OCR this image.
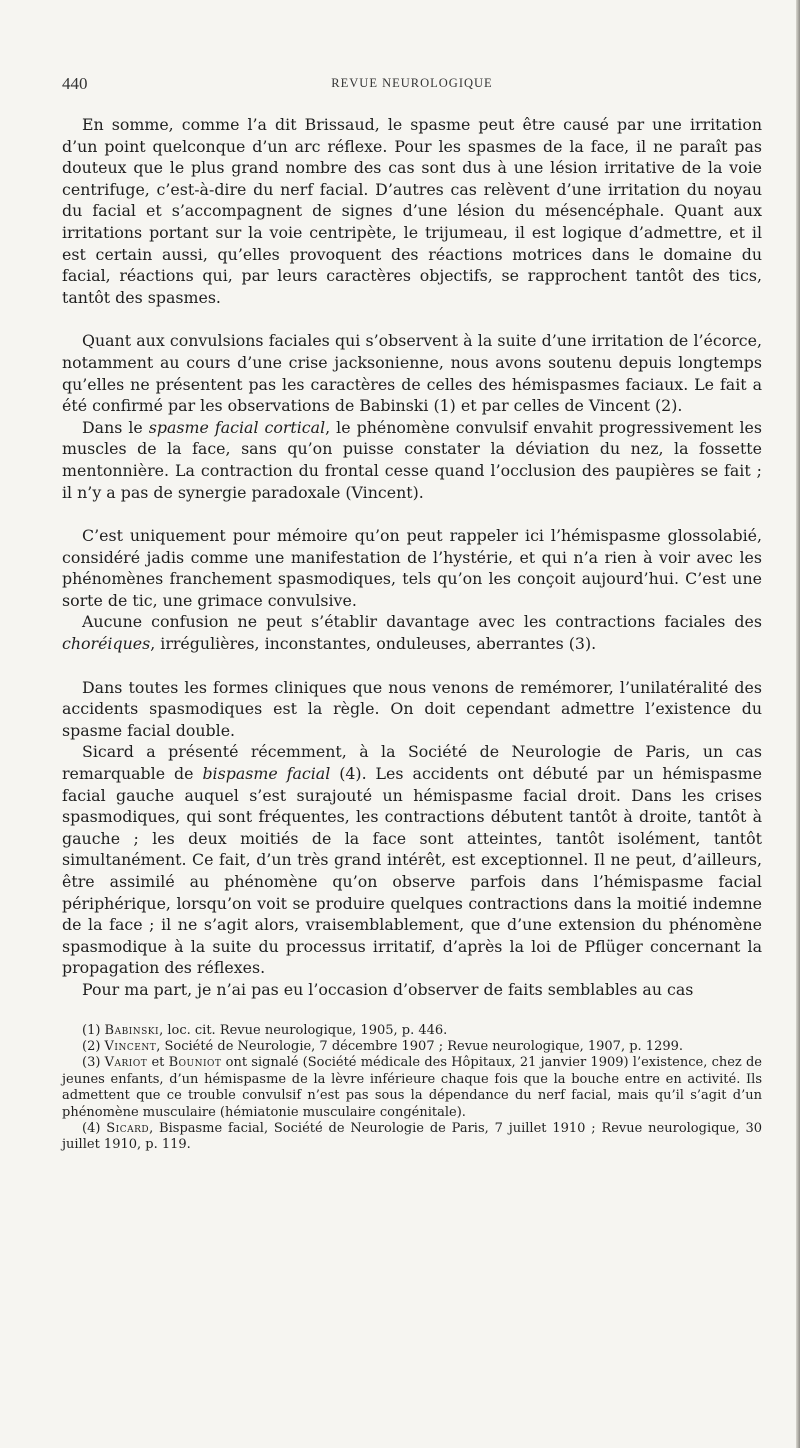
440	REVUE NEUROLOGIQUE

En somme, comme l’a dit Brissaud, le spasme peut être causé par une irritation d’un point quelconque d’un arc réflexe. Pour les spasmes de la face, il ne paraît pas douteux que le plus grand nombre des cas sont dus à une lésion irritative de la voie centrifuge, c’est-à-dire du nerf facial. D’autres cas relèvent d’une irritation du noyau du facial et s’accompagnent de signes d’une lésion du mésencéphale. Quant aux irritations portant sur la voie centripète, le trijumeau, il est logique d’admettre, et il est certain aussi, qu’elles provoquent des réactions motrices dans le domaine du facial, réactions qui, par leurs caractères objectifs, se rapprochent tantôt des tics, tantôt des spasmes.

Quant aux convulsions faciales qui s’observent à la suite d’une irritation de l’écorce, notamment au cours d’une crise jacksonienne, nous avons soutenu depuis longtemps qu’elles ne présentent pas les caractères de celles des hémispasmes faciaux. Le fait a été confirmé par les observations de Babinski (1) et par celles de Vincent (2).

Dans le spasme facial cortical, le phénomène convulsif envahit progressivement les muscles de la face, sans qu’on puisse constater la déviation du nez, la fossette mentonnière. La contraction du frontal cesse quand l’occlusion des paupières se fait ; il n’y a pas de synergie paradoxale (Vincent).

C’est uniquement pour mémoire qu’on peut rappeler ici l’hémispasme glossolabié, considéré jadis comme une manifestation de l’hystérie, et qui n’a rien à voir avec les phénomènes franchement spasmodiques, tels qu’on les conçoit aujourd’hui. C’est une sorte de tic, une grimace convulsive.

Aucune confusion ne peut s’établir davantage avec les contractions faciales des choréiques, irrégulières, inconstantes, onduleuses, aberrantes (3).

Dans toutes les formes cliniques que nous venons de remémorer, l’unilatéralité des accidents spasmodiques est la règle. On doit cependant admettre l’existence du spasme facial double.

Sicard a présenté récemment, à la Société de Neurologie de Paris, un cas remarquable de bispasme facial (4). Les accidents ont débuté par un hémispasme facial gauche auquel s’est surajouté un hémispasme facial droit. Dans les crises spasmodiques, qui sont fréquentes, les contractions débutent tantôt à droite, tantôt à gauche ; les deux moitiés de la face sont atteintes, tantôt isolément, tantôt simultanément. Ce fait, d’un très grand intérêt, est exceptionnel. Il ne peut, d’ailleurs, être assimilé au phénomène qu’on observe parfois dans l’hémispasme facial périphérique, lorsqu’on voit se produire quelques contractions dans la moitié indemne de la face ; il ne s’agit alors, vraisemblablement, que d’une extension du phénomène spasmodique à la suite du processus irritatif, d’après la loi de Pflüger concernant la propagation des réflexes.

Pour ma part, je n’ai pas eu l’occasion d’observer de faits semblables au cas

(1) Babinski, loc. cit. Revue neurologique, 1905, p. 446.

(2) Vincent, Société de Neurologie, 7 décembre 1907 ; Revue neurologique, 1907, p. 1299.

(3) Variot et Bouniot ont signalé (Société médicale des Hôpitaux, 21 janvier 1909) l’existence, chez de jeunes enfants, d’un hémispasme de la lèvre inférieure chaque fois que la bouche entre en activité. Ils admettent que ce trouble convulsif n’est pas sous la dépendance du nerf facial, mais qu’il s’agit d’un phénomène musculaire (hémiatonie musculaire congénitale).

(4) Sicard, Bispasme facial, Société de Neurologie de Paris, 7 juillet 1910 ; Revue neurologique, 30 juillet 1910, p. 119.
